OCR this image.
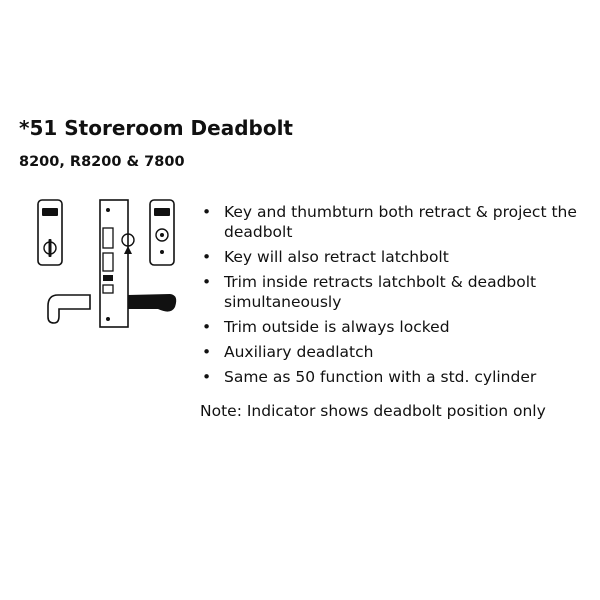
*51 Storeroom Deadbolt
8200, R8200 & 7800
• Key and thumbturn both retract & project the deadbolt
• Key will also retract latchbolt
• Trim inside retracts latchbolt & deadbolt simultaneously
• Trim outside is always locked
• Auxiliary deadlatch
• Same as 50 function with a std. cylinder
Note: Indicator shows deadbolt position only
